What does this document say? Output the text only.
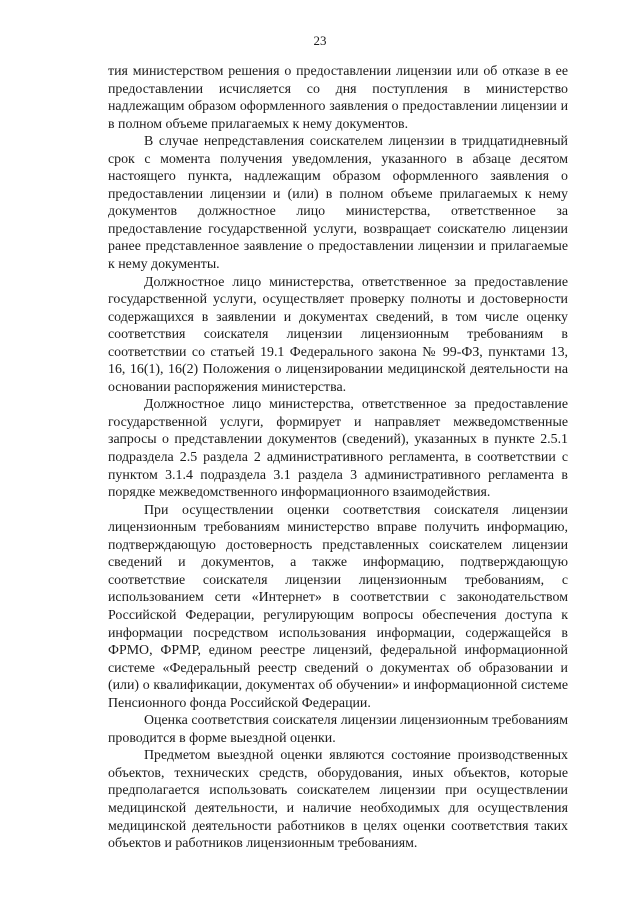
23

тия министерством решения о предоставлении лицензии или об отказе в ее предоставлении исчисляется со дня поступления в министерство надлежащим образом оформленного заявления о предоставлении лицензии и в полном объеме прилагаемых к нему документов.

В случае непредставления соискателем лицензии в тридцатидневный срок с момента получения уведомления, указанного в абзаце десятом настоящего пункта, надлежащим образом оформленного заявления о предоставлении лицензии и (или) в полном объеме прилагаемых к нему документов должностное лицо министерства, ответственное за предоставление государственной услуги, возвращает соискателю лицензии ранее представленное заявление о предоставлении лицензии и прилагаемые к нему документы.

Должностное лицо министерства, ответственное за предоставление государственной услуги, осуществляет проверку полноты и достоверности содержащихся в заявлении и документах сведений, в том числе оценку соответствия соискателя лицензии лицензионным требованиям в соответствии со статьей 19.1 Федерального закона № 99-ФЗ, пунктами 13, 16, 16(1), 16(2) Положения о лицензировании медицинской деятельности на основании распоряжения министерства.

Должностное лицо министерства, ответственное за предоставление государственной услуги, формирует и направляет межведомственные запросы о представлении документов (сведений), указанных в пункте 2.5.1 подраздела 2.5 раздела 2 административного регламента, в соответствии с пунктом 3.1.4 подраздела 3.1 раздела 3 административного регламента в порядке межведомственного информационного взаимодействия.

При осуществлении оценки соответствия соискателя лицензии лицензионным требованиям министерство вправе получить информацию, подтверждающую достоверность представленных соискателем лицензии сведений и документов, а также информацию, подтверждающую соответствие соискателя лицензии лицензионным требованиям, с использованием сети «Интернет» в соответствии с законодательством Российской Федерации, регулирующим вопросы обеспечения доступа к информации посредством использования информации, содержащейся в ФРМО, ФРМР, едином реестре лицензий, федеральной информационной системе «Федеральный реестр сведений о документах об образовании и (или) о квалификации, документах об обучении» и информационной системе Пенсионного фонда Российской Федерации.

Оценка соответствия соискателя лицензии лицензионным требованиям проводится в форме выездной оценки.

Предметом выездной оценки являются состояние производственных объектов, технических средств, оборудования, иных объектов, которые предполагается использовать соискателем лицензии при осуществлении медицинской деятельности, и наличие необходимых для осуществления медицинской деятельности работников в целях оценки соответствия таких объектов и работников лицензионным требованиям.
